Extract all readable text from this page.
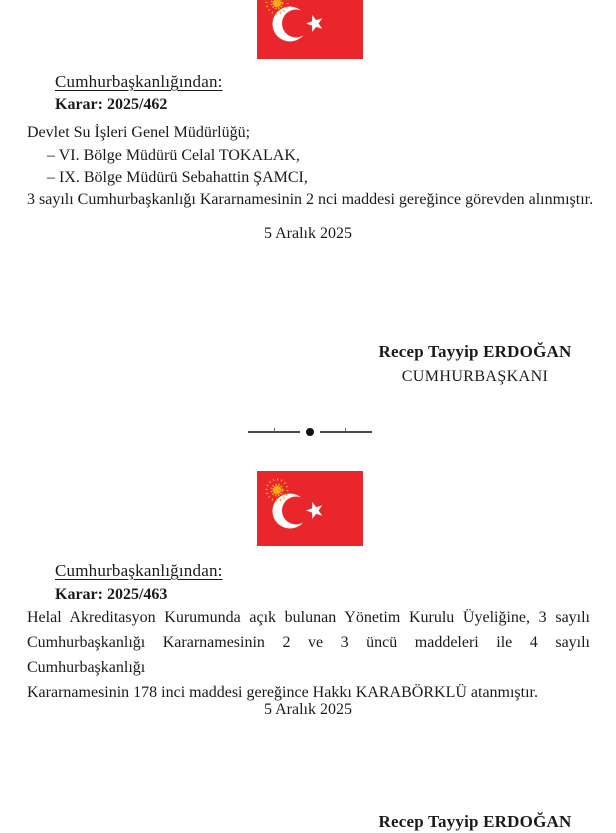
Cumhurbaşkanlığından:
Karar: 2025/462
Devlet Su İşleri Genel Müdürlüğü;
– VI. Bölge Müdürü Celal TOKALAK,
– IX. Bölge Müdürü Sebahattin ŞAMCI,
3 sayılı Cumhurbaşkanlığı Kararnamesinin 2 nci maddesi gereğince görevden alınmıştır.
5 Aralık 2025
Recep Tayyip ERDOĞAN
CUMHURBAŞKANI
Cumhurbaşkanlığından:
Karar: 2025/463
Helal Akreditasyon Kurumunda açık bulunan Yönetim Kurulu Üyeliğine, 3 sayılı
Cumhurbaşkanlığı Kararnamesinin 2 ve 3 üncü maddeleri ile 4 sayılı Cumhurbaşkanlığı
Kararnamesinin 178 inci maddesi gereğince Hakkı KARABÖRKLÜ atanmıştır.
5 Aralık 2025
Recep Tayyip ERDOĞAN
